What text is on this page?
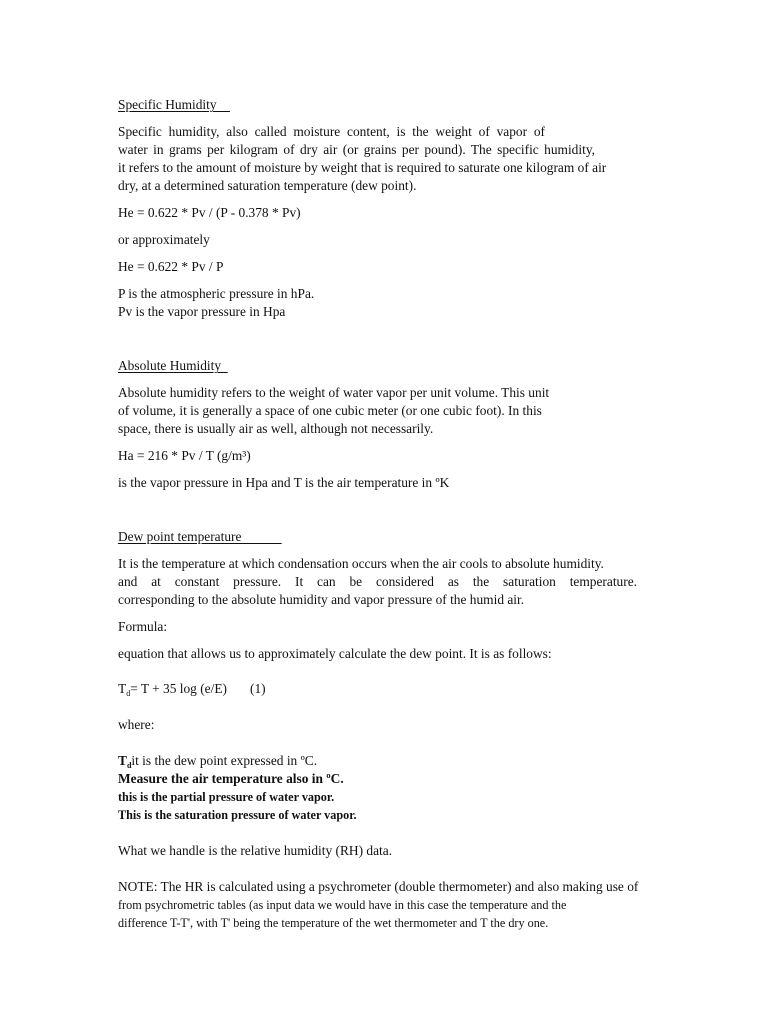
Specific Humidity

Specific humidity, also called moisture content, is the weight of vapor of

water in grams per kilogram of dry air (or grains per pound). The specific humidity,

it refers to the amount of moisture by weight that is required to saturate one kilogram of air

dry, at a determined saturation temperature (dew point).

He = 0.622 * Pv / (P - 0.378 * Pv)

or approximately

He = 0.622 * Pv / P

P is the atmospheric pressure in hPa.

Pv is the vapor pressure in Hpa

Absolute Humidity

Absolute humidity refers to the weight of water vapor per unit volume. This unit

of volume, it is generally a space of one cubic meter (or one cubic foot). In this

space, there is usually air as well, although not necessarily.

Ha = 216 * Pv / T (g/m³)

is the vapor pressure in Hpa and T is the air temperature in ºK

Dew point temperature

It is the temperature at which condensation occurs when the air cools to absolute humidity.

and at constant pressure. It can be considered as the saturation temperature.

corresponding to the absolute humidity and vapor pressure of the humid air.

Formula:

equation that allows us to approximately calculate the dew point. It is as follows:

$T_d= T + 35$ log (e/E) (1)

where:

$T_dit$ is the dew point expressed in ºC.

Measure the air temperature also in ºC.

this is the partial pressure of water vapor.

This is the saturation pressure of water vapor.

What we handle is the relative humidity (RH) data.

NOTE: The HR is calculated using a psychrometer (double thermometer) and also making use of

from psychrometric tables (as input data we would have in this case the temperature and the

difference T-T', with T' being the temperature of the wet thermometer and T the dry one.
